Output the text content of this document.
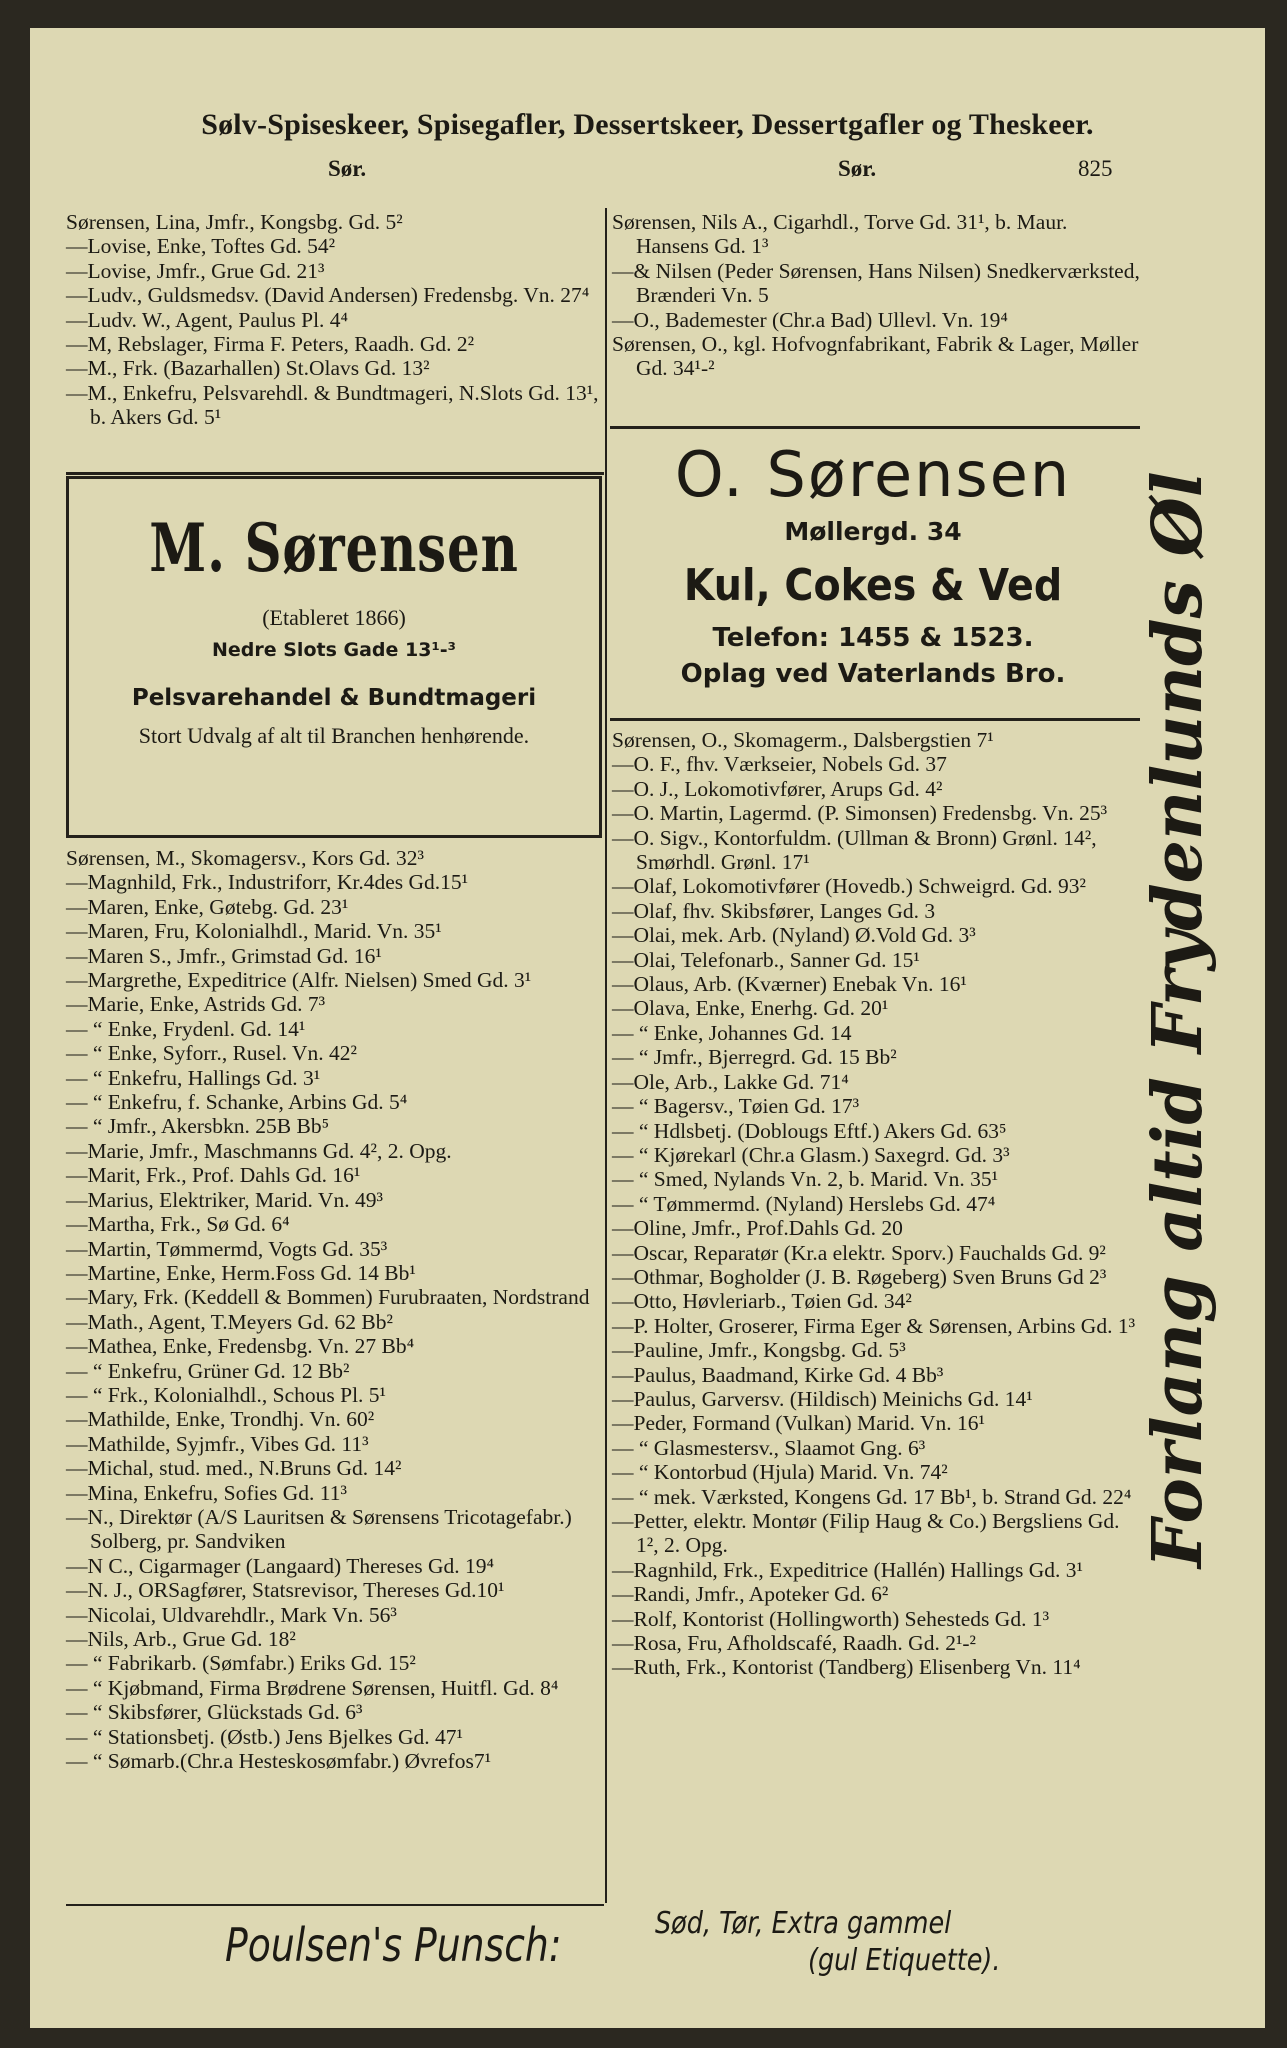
Sølv-Spiseskeer, Spisegafler, Dessertskeer, Dessertgafler og Theskeer.
Sør.	Sør.	825

Sørensen, Lina, Jmfr., Kongsbg. Gd. 5²

—Lovise, Enke, Toftes Gd. 54²

—Lovise, Jmfr., Grue Gd. 21³

—Ludv., Guldsmedsv. (David Andersen) Fredensbg. Vn. 27⁴

—Ludv. W., Agent, Paulus Pl. 4⁴

—M, Rebslager, Firma F. Peters, Raadh. Gd. 2²

—M., Frk. (Bazarhallen) St.Olavs Gd. 13²

—M., Enkefru, Pelsvarehdl. & Bundtmageri, N.Slots Gd. 13¹, b. Akers Gd. 5¹

M. Sørensen
(Etableret 1866)
Nedre Slots Gade 13¹-³
Pelsvarehandel & Bundtmageri
Stort Udvalg af alt til Branchen henhørende.

Sørensen, M., Skomagersv., Kors Gd. 32³

—Magnhild, Frk., Industriforr, Kr.4des Gd.15¹

—Maren, Enke, Gøtebg. Gd. 23¹

—Maren, Fru, Kolonialhdl., Marid. Vn. 35¹

—Maren S., Jmfr., Grimstad Gd. 16¹

—Margrethe, Expeditrice (Alfr. Nielsen) Smed Gd. 3¹

—Marie, Enke, Astrids Gd. 7³

— “ Enke, Frydenl. Gd. 14¹

— “ Enke, Syforr., Rusel. Vn. 42²

— “ Enkefru, Hallings Gd. 3¹

— “ Enkefru, f. Schanke, Arbins Gd. 5⁴

— “ Jmfr., Akersbkn. 25B Bb⁵

—Marie, Jmfr., Maschmanns Gd. 4², 2. Opg.

—Marit, Frk., Prof. Dahls Gd. 16¹

—Marius, Elektriker, Marid. Vn. 49³

—Martha, Frk., Sø Gd. 6⁴

—Martin, Tømmermd, Vogts Gd. 35³

—Martine, Enke, Herm.Foss Gd. 14 Bb¹

—Mary, Frk. (Keddell & Bommen) Furubraaten, Nordstrand

—Math., Agent, T.Meyers Gd. 62 Bb²

—Mathea, Enke, Fredensbg. Vn. 27 Bb⁴

— “ Enkefru, Grüner Gd. 12 Bb²

— “ Frk., Kolonialhdl., Schous Pl. 5¹

—Mathilde, Enke, Trondhj. Vn. 60²

—Mathilde, Syjmfr., Vibes Gd. 11³

—Michal, stud. med., N.Bruns Gd. 14²

—Mina, Enkefru, Sofies Gd. 11³

—N., Direktør (A/S Lauritsen & Sørensens Tricotagefabr.) Solberg, pr. Sandviken

—N C., Cigarmager (Langaard) Thereses Gd. 19⁴

—N. J., ORSagfører, Statsrevisor, Thereses Gd.10¹

—Nicolai, Uldvarehdlr., Mark Vn. 56³

—Nils, Arb., Grue Gd. 18²

— “ Fabrikarb. (Sømfabr.) Eriks Gd. 15²

— “ Kjøbmand, Firma Brødrene Sørensen, Huitfl. Gd. 8⁴

— “ Skibsfører, Glückstads Gd. 6³

— “ Stationsbetj. (Østb.) Jens Bjelkes Gd. 47¹

— “ Sømarb.(Chr.a Hesteskosømfabr.) Øvrefos7¹

Sørensen, Nils A., Cigarhdl., Torve Gd. 31¹, b. Maur. Hansens Gd. 1³

—& Nilsen (Peder Sørensen, Hans Nilsen) Snedkerværksted, Brænderi Vn. 5

—O., Bademester (Chr.a Bad) Ullevl. Vn. 19⁴

Sørensen, O., kgl. Hofvognfabrikant, Fabrik & Lager, Møller Gd. 34¹-²

O. Sørensen
Møllergd. 34
Kul, Cokes & Ved
Telefon: 1455 & 1523.
Oplag ved Vaterlands Bro.

Sørensen, O., Skomagerm., Dalsbergstien 7¹

—O. F., fhv. Værkseier, Nobels Gd. 37

—O. J., Lokomotivfører, Arups Gd. 4²

—O. Martin, Lagermd. (P. Simonsen) Fredensbg. Vn. 25³

—O. Sigv., Kontorfuldm. (Ullman & Bronn) Grønl. 14², Smørhdl. Grønl. 17¹

—Olaf, Lokomotivfører (Hovedb.) Schweigrd. Gd. 93²

—Olaf, fhv. Skibsfører, Langes Gd. 3

—Olai, mek. Arb. (Nyland) Ø.Vold Gd. 3³

—Olai, Telefonarb., Sanner Gd. 15¹

—Olaus, Arb. (Kværner) Enebak Vn. 16¹

—Olava, Enke, Enerhg. Gd. 20¹

— “ Enke, Johannes Gd. 14

— “ Jmfr., Bjerregrd. Gd. 15 Bb²

—Ole, Arb., Lakke Gd. 71⁴

— “ Bagersv., Tøien Gd. 17³

— “ Hdlsbetj. (Doblougs Eftf.) Akers Gd. 63⁵

— “ Kjørekarl (Chr.a Glasm.) Saxegrd. Gd. 3³

— “ Smed, Nylands Vn. 2, b. Marid. Vn. 35¹

— “ Tømmermd. (Nyland) Herslebs Gd. 47⁴

—Oline, Jmfr., Prof.Dahls Gd. 20

—Oscar, Reparatør (Kr.a elektr. Sporv.) Fauchalds Gd. 9²

—Othmar, Bogholder (J. B. Røgeberg) Sven Bruns Gd 2³

—Otto, Høvleriarb., Tøien Gd. 34²

—P. Holter, Groserer, Firma Eger & Sørensen, Arbins Gd. 1³

—Pauline, Jmfr., Kongsbg. Gd. 5³

—Paulus, Baadmand, Kirke Gd. 4 Bb³

—Paulus, Garversv. (Hildisch) Meinichs Gd. 14¹

—Peder, Formand (Vulkan) Marid. Vn. 16¹

— “ Glasmestersv., Slaamot Gng. 6³

— “ Kontorbud (Hjula) Marid. Vn. 74²

— “ mek. Værksted, Kongens Gd. 17 Bb¹, b. Strand Gd. 22⁴

—Petter, elektr. Montør (Filip Haug & Co.) Bergsliens Gd. 1², 2. Opg.

—Ragnhild, Frk., Expeditrice (Hallén) Hallings Gd. 3¹

—Randi, Jmfr., Apoteker Gd. 6²

—Rolf, Kontorist (Hollingworth) Sehesteds Gd. 1³

—Rosa, Fru, Afholdscafé, Raadh. Gd. 2¹-²

—Ruth, Frk., Kontorist (Tandberg) Elisenberg Vn. 11⁴

Forlang altid Frydenlunds Øl
Poulsen's Punsch:	Sød, Tør, Extra gammel
(gul Etiquette).
